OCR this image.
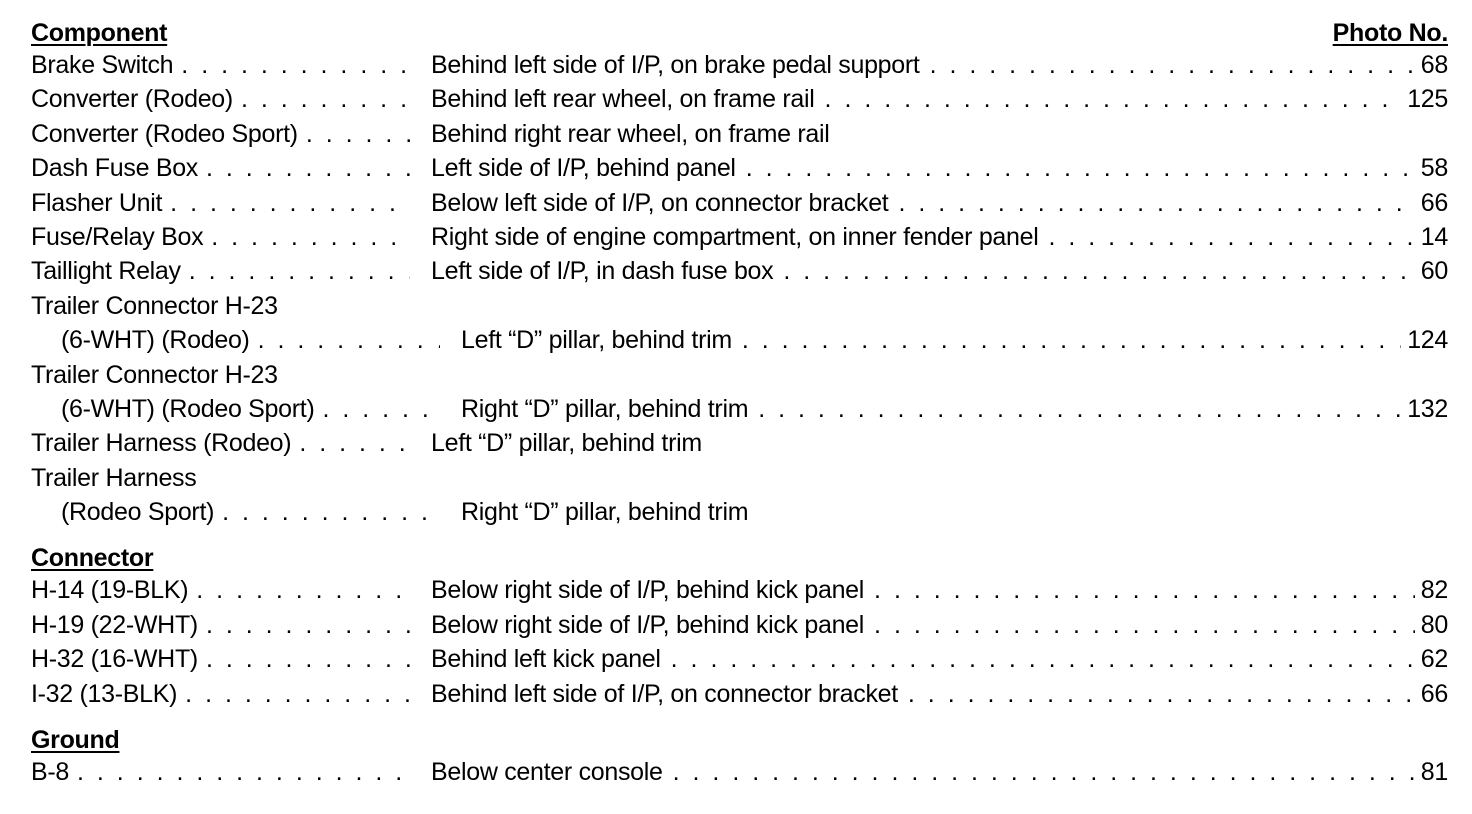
Component	Photo No.
Brake Switch . . .	Behind left side of I/P, on brake pedal support . . .	68
Converter (Rodeo) . . .	Behind left rear wheel, on frame rail . . .	125
Converter (Rodeo Sport) . . .	Behind right rear wheel, on frame rail
Dash Fuse Box . . .	Left side of I/P, behind panel . . .	58
Flasher Unit . . .	Below left side of I/P, on connector bracket . . .	66
Fuse/Relay Box . . .	Right side of engine compartment, on inner fender panel . . .	14
Taillight Relay . . .	Left side of I/P, in dash fuse box . . .	60
Trailer Connector H-23
(6-WHT) (Rodeo) . . .	Left “D” pillar, behind trim . . .	124
Trailer Connector H-23
(6-WHT) (Rodeo Sport) . . .	Right “D” pillar, behind trim . . .	132
Trailer Harness (Rodeo) . . .	Left “D” pillar, behind trim
Trailer Harness
(Rodeo Sport) . . .	Right “D” pillar, behind trim
Connector
H-14 (19-BLK) . . .	Below right side of I/P, behind kick panel . . .	82
H-19 (22-WHT) . . .	Below right side of I/P, behind kick panel . . .	80
H-32 (16-WHT) . . .	Behind left kick panel . . .	62
I-32 (13-BLK) . . .	Behind left side of I/P, on connector bracket . . .	66
Ground
B-8 . . .	Below center console . . .	81
